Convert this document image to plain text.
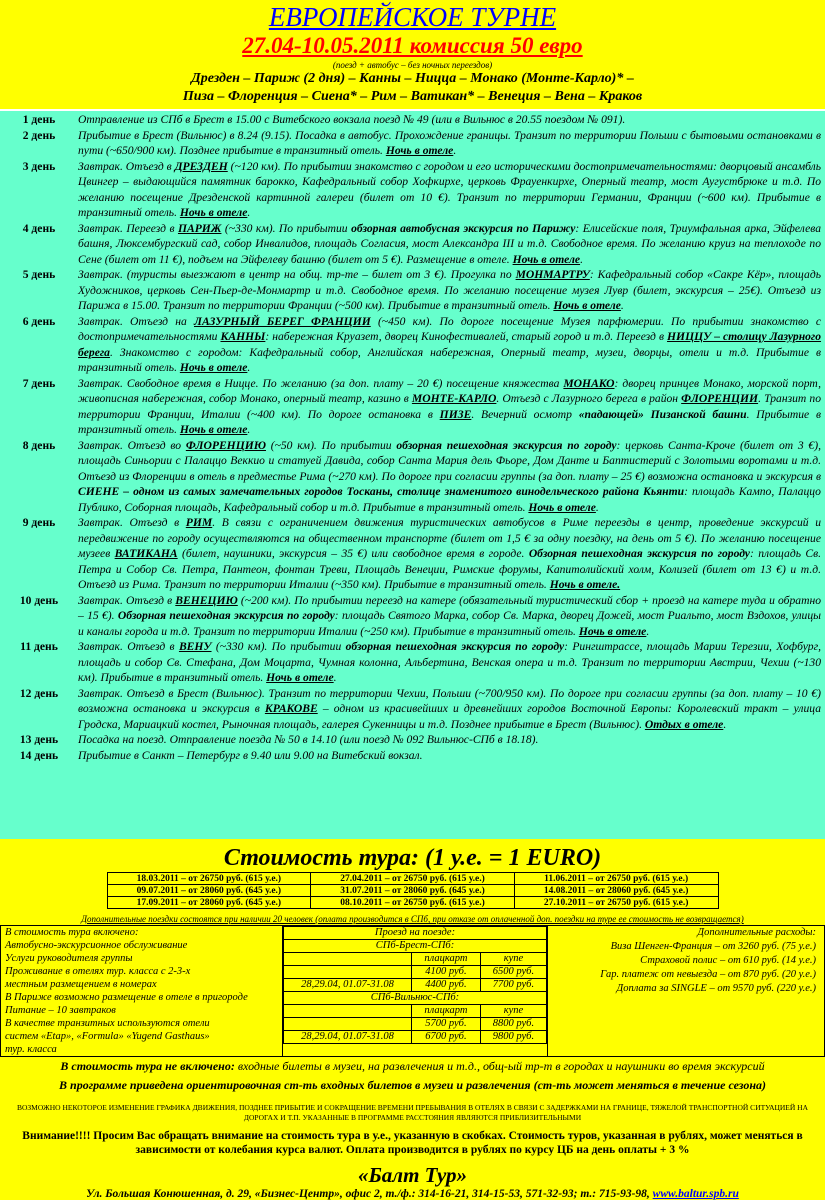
ЕВРОПЕЙСКОЕ ТУРНЕ
27.04-10.05.2011 комиссия 50 евро
(поезд + автобус – без ночных переездов)
Дрезден – Париж (2 дня) – Канны – Ницца – Монако (Монте-Карло)* –
Пиза – Флоренция – Сиена* – Рим – Ватикан* – Венеция – Вена – Краков
1 день	Отправление из СПб в Брест в 15.00 с Витебского вокзала поезд № 49 (или в Вильнюс в 20.55 поездом № 091).
2 день	Прибытие в Брест (Вильнюс) в 8.24 (9.15). Посадка в автобус. Прохождение границы. Транзит по территории Польши с бытовыми остановками в пути (~650/900 км). Позднее прибытие в транзитный отель. Ночь в отеле.
3 день	Завтрак. Отъезд в ДРЕЗДЕН (~120 км). По прибытии знакомство с городом и его историческими достопримечательностями: дворцовый ансамбль Цвингер – выдающийся памятник барокко, Кафедральный собор Хофкирхе, церковь Фрауенкирхе, Оперный театр, мост Аугустбрюке и т.д. По желанию посещение Дрезденской картинной галереи (билет от 10 €). Транзит по территории Германии, Франции (~600 км). Прибытие в транзитный отель. Ночь в отеле.
4 день	Завтрак. Переезд в ПАРИЖ (~330 км). По прибытии обзорная автобусная экскурсия по Парижу: Елисейские поля, Триумфальная арка, Эйфелева башня, Люксембургский сад, собор Инвалидов, площадь Согласия, мост Александра III и т.д. Свободное время. По желанию круиз на теплоходе по Сене (билет от 11 €), подъем на Эйфелеву башню (билет от 5 €). Размещение в отеле. Ночь в отеле.
5 день	Завтрак. (туристы выезжают в центр на общ. тр-те – билет от 3 €). Прогулка по МОНМАРТРУ: Кафедральный собор «Сакре Кёр», площадь Художников, церковь Сен-Пьер-де-Монмартр и т.д. Свободное время. По желанию посещение музея Лувр (билет, экскурсия – 25€). Отъезд из Парижа в 15.00. Транзит по территории Франции (~500 км). Прибытие в транзитный отель. Ночь в отеле.
6 день	Завтрак. Отъезд на ЛАЗУРНЫЙ БЕРЕГ ФРАНЦИИ (~450 км). По дороге посещение Музея парфюмерии. По прибытии знакомство с достопримечательностями КАННЫ: набережная Кpуазет, дворец Кинофестивалей, старый город и т.д. Переезд в НИЦЦУ – столицу Лазурного берега. Знакомство с городом: Кафедральный собор, Английская набережная, Оперный театр, музеи, дворцы, отели и т.д. Прибытие в транзитный отель. Ночь в отеле.
7 день	Завтрак. Свободное время в Ницце. По желанию (за доп. плату – 20 €) посещение княжества МОНАКО: дворец принцев Монако, морской порт, живописная набережная, собор Монако, оперный театр, казино в МОНТЕ-КАРЛО. Отъезд с Лазурного берега в район ФЛОРЕНЦИИ. Транзит по территории Франции, Италии (~400 км). По дороге остановка в ПИЗЕ. Вечерний осмотр «падающей» Пизанской башни. Прибытие в транзитный отель. Ночь в отеле.
8 день	Завтрак. Отъезд во ФЛОРЕНЦИЮ (~50 км). По прибытии обзорная пешеходная экскурсия по городу: церковь Санта-Кроче (билет от 3 €), площадь Синьории с Палаццо Веккио и статуей Давида, собор Санта Мария дель Фьоре, Дом Данте и Баптистерий с Золотыми воротами и т.д. Отъезд из Флоренции в отель в предместье Рима (~270 км). По дороге при согласии группы (за доп. плату – 25 €) возможна остановка и экскурсия в СИЕНЕ – одном из самых замечательных городов Тосканы, столице знаменитого винодельческого района Кьянти: площадь Кампо, Палаццо Публико, Соборная площадь, Кафедральный собор и т.д. Прибытие в транзитный отель. Ночь в отеле.
9 день	Завтрак. Отъезд в РИМ. В связи с ограничением движения туристических автобусов в Риме переезды в центр, проведение экскурсий и передвижение по городу осуществляются на общественном транспорте (билет от 1,5 € за одну поездку, на день от 5 €). По желанию посещение музеев ВАТИКАНА (билет, наушники, экскурсия – 35 €) или свободное время в городе. Обзорная пешеходная экскурсия по городу: площадь Св. Петра и Собор Св. Петра, Пантеон, фонтан Треви, Площадь Венеции, Римские форумы, Капитолийский холм, Колизей (билет от 13 €) и т.д. Отъезд из Рима. Транзит по территории Италии (~350 км). Прибытие в транзитный отель. Ночь в отеле.
10 день	Завтрак. Отъезд в ВЕНЕЦИЮ (~200 км). По прибытии переезд на катере (обязательный туристический сбор + проезд на катере туда и обратно – 15 €). Обзорная пешеходная экскурсия по городу: площадь Святого Марка, собор Св. Марка, дворец Дожей, мост Риальто, мост Вздохов, улицы и каналы города и т.д. Транзит по территории Италии (~250 км). Прибытие в транзитный отель. Ночь в отеле.
11 день	Завтрак. Отъезд в ВЕНУ (~330 км). По прибытии обзорная пешеходная экскурсия по городу: Рингштрассе, площадь Марии Терезии, Хофбург, площадь и собор Св. Стефана, Дом Моцарта, Чумная колонна, Альбертина, Венская опера и т.д. Транзит по территории Австрии, Чехии (~130 км). Прибытие в транзитный отель. Ночь в отеле.
12 день	Завтрак. Отъезд в Брест (Вильнюс). Транзит по территории Чехии, Польши (~700/950 км). По дороге при согласии группы (за доп. плату – 10 €) возможна остановка и экскурсия в КРАКОВЕ – одном из красивейших и древнейших городов Восточной Европы: Королевский тракт – улица Гродска, Мариацкий костел, Рыночная площадь, галерея Сукенницы и т.д. Позднее прибытие в Брест (Вильнюс). Отдых в отеле.
13 день	Посадка на поезд. Отправление поезда № 50 в 14.10 (или поезд № 092 Вильнюс-СПб в 18.18).
14 день	Прибытие в Санкт – Петербург в 9.40 или 9.00 на Витебский вокзал.
Стоимость тура: (1 у.е. = 1 EURO)
18.03.2011 – от 26750 руб. (615 у.е.)	27.04.2011 – от 26750 руб. (615 у.е.)	11.06.2011 – от 26750 руб. (615 у.е.)
09.07.2011 – от 28060 руб. (645 у.е.)	31.07.2011 – от 28060 руб. (645 у.е.)	14.08.2011 – от 28060 руб. (645 у.е.)
17.09.2011 – от 28060 руб. (645 у.е.)	08.10.2011 – от 26750 руб. (615 у.е.)	27.10.2011 – от 26750 руб. (615 у.е.)
Дополнительные поездки состоятся при наличии 20 человек (оплата производится в СПб, при отказе от оплаченной доп. поездки на туре ее стоимость не возвращается)
В стоимость тура включено:
Автобусно-экскурсионное обслуживание
Услуги руководителя группы
Проживание в отелях тур. класса с 2-3-х
местным размещением в номерах
В Париже возможно размещение в отеле в пригороде
Питание – 10 завтраков
В качестве транзитных используются отели
систем «Etap», «Formula» «Yugend Gasthaus»
тур. класса

Проезд на поезде:
СПб-Брест-СПб:
	плацкарт	купе
	4100 руб.	6500 руб.
28,29.04, 01.07-31.08	4400 руб.	7700 руб.
СПб-Вильнюс-СПб:
	плацкарт	купе
	5700 руб.	8800 руб.
28,29.04, 01.07-31.08	6700 руб.	9800 руб.

Дополнительные расходы:
Виза Шенген-Франция – от 3260 руб. (75 у.е.)
Страховой полис – от 610 руб. (14 у.е.)
Гар. платеж от невыезда – от 870 руб. (20 у.е.)
Доплата за SINGLE – от 9570 руб. (220 у.е.)
В стоимость тура не включено: входные билеты в музеи, на развлечения и т.д., общ-ый тр-т в городах и наушники во время экскурсий
В программе приведена ориентировочная ст-ть входных билетов в музеи и развлечения (ст-ть может меняться в течение сезона)
ВОЗМОЖНО НЕКОТОРОЕ ИЗМЕНЕНИЕ ГРАФИКА ДВИЖЕНИЯ, ПОЗДНЕЕ ПРИБЫТИЕ И СОКРАЩЕНИЕ ВРЕМЕНИ ПРЕБЫВАНИЯ В ОТЕЛЯХ В СВЯЗИ С ЗАДЕРЖКАМИ НА ГРАНИЦЕ, ТЯЖЕЛОЙ ТРАНСПОРТНОЙ СИТУАЦИЕЙ НА ДОРОГАХ И Т.П. УКАЗАННЫЕ В ПРОГРАММЕ РАССТОЯНИЯ ЯВЛЯЮТСЯ ПРИБЛИЗИТЕЛЬНЫМИ
Внимание!!!! Просим Вас обращать внимание на стоимость тура в у.е., указанную в скобках. Стоимость туров, указанная в рублях, может меняться в зависимости от колебания курса валют. Оплата производится в рублях по курсу ЦБ на день оплаты + 3 %
«Балт Тур»
Ул. Большая Конюшенная, д. 29, «Бизнес-Центр», офис 2, т./ф.: 314-16-21, 314-15-53, 571-32-93; т.: 715-93-98, www.baltur.spb.ru
